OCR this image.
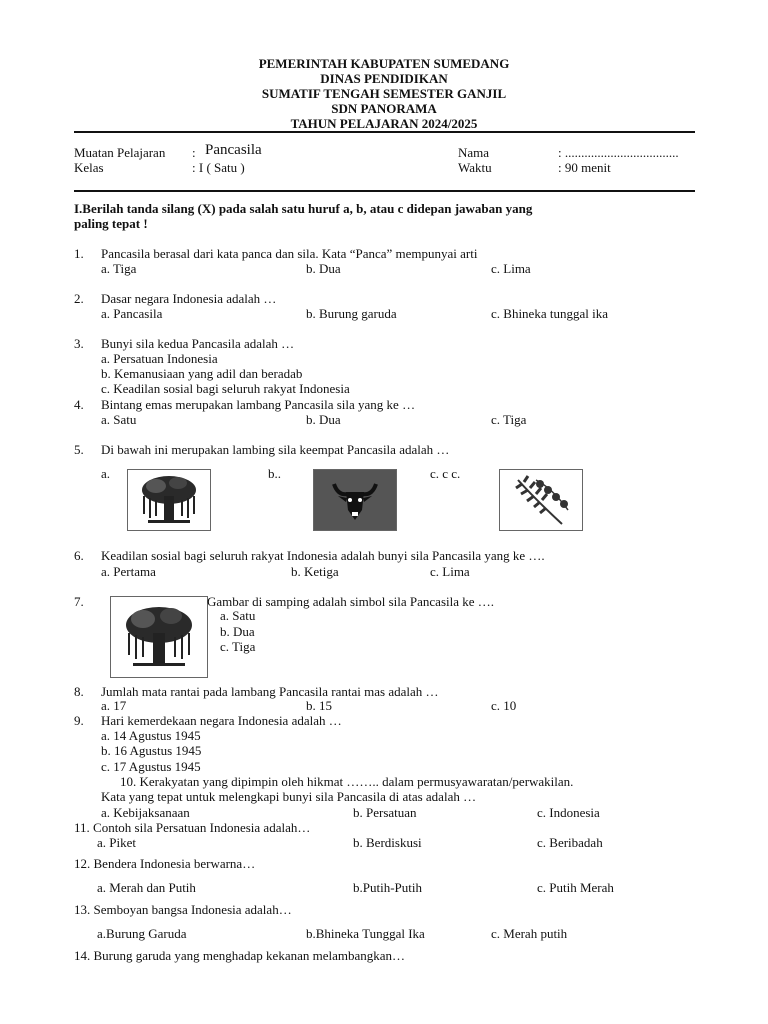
PEMERINTAH KABUPATEN SUMEDANG
DINAS PENDIDIKAN
SUMATIF TENGAH SEMESTER GANJIL
SDN PANORAMA
TAHUN PELAJARAN 2024/2025
Muatan Pelajaran : Pancasila
Kelas	: I ( Satu )
Nama	: ...................................
Waktu	: 90 menit
I.Berilah tanda silang (X) pada salah satu huruf a, b, atau c didepan jawaban yang
paling tepat !
1. Pancasila berasal dari kata panca dan sila. Kata “Panca” mempunyai arti
a. Tiga	b. Dua	c. Lima
2. Dasar negara Indonesia adalah …
a. Pancasila	b. Burung garuda	c. Bhineka tunggal ika
3. Bunyi sila kedua Pancasila adalah …
a. Persatuan Indonesia
b. Kemanusiaan yang adil dan beradab
c. Keadilan sosial bagi seluruh rakyat Indonesia
4. Bintang emas merupakan lambang Pancasila sila yang ke …
a. Satu	b. Dua	c. Tiga
5. Di bawah ini merupakan lambing sila keempat Pancasila adalah …
a.	b..	c. c c.
6. Keadilan sosial bagi seluruh rakyat Indonesia adalah bunyi sila Pancasila yang ke ….
a. Pertama	b. Ketiga	c. Lima
7.	Gambar di samping adalah simbol sila Pancasila ke ….
a. Satu
b. Dua
c. Tiga
8. Jumlah mata rantai pada lambang Pancasila rantai mas adalah …
a. 17	b. 15	c. 10
9. Hari kemerdekaan negara Indonesia adalah …
a. 14 Agustus 1945
b. 16 Agustus 1945
c. 17 Agustus 1945
10. Kerakyatan yang dipimpin oleh hikmat …….. dalam permusyawaratan/perwakilan.
Kata yang tepat untuk melengkapi bunyi sila Pancasila di atas adalah …
a. Kebijaksanaan	b. Persatuan	c. Indonesia
11. Contoh sila Persatuan Indonesia adalah…
a. Piket	b. Berdiskusi	c. Beribadah
12. Bendera Indonesia berwarna…
a. Merah dan Putih	b.Putih-Putih	c. Putih Merah
13. Semboyan bangsa Indonesia adalah…
a.Burung Garuda	b.Bhineka Tunggal Ika	c. Merah putih
14. Burung garuda yang menghadap kekanan melambangkan…
